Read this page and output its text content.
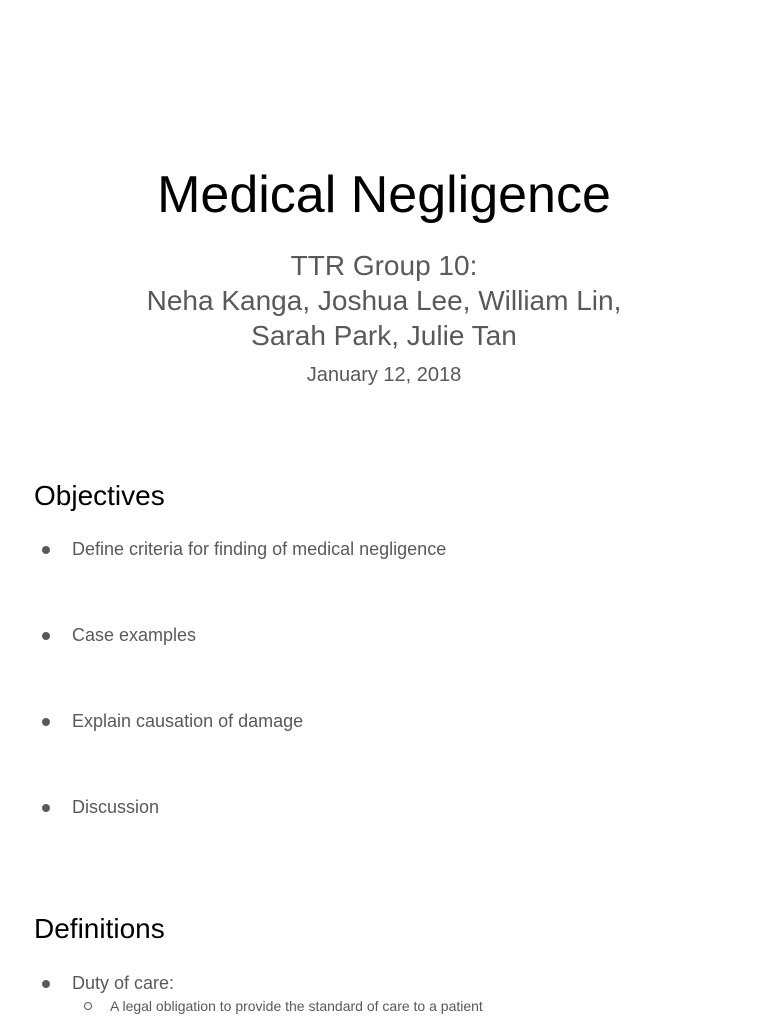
Medical Negligence
TTR Group 10:
Neha Kanga, Joshua Lee, William Lin,
Sarah Park, Julie Tan
January 12, 2018
Objectives
Define criteria for finding of medical negligence
Case examples
Explain causation of damage
Discussion
Definitions
Duty of care:
A legal obligation to provide the standard of care to a patient
